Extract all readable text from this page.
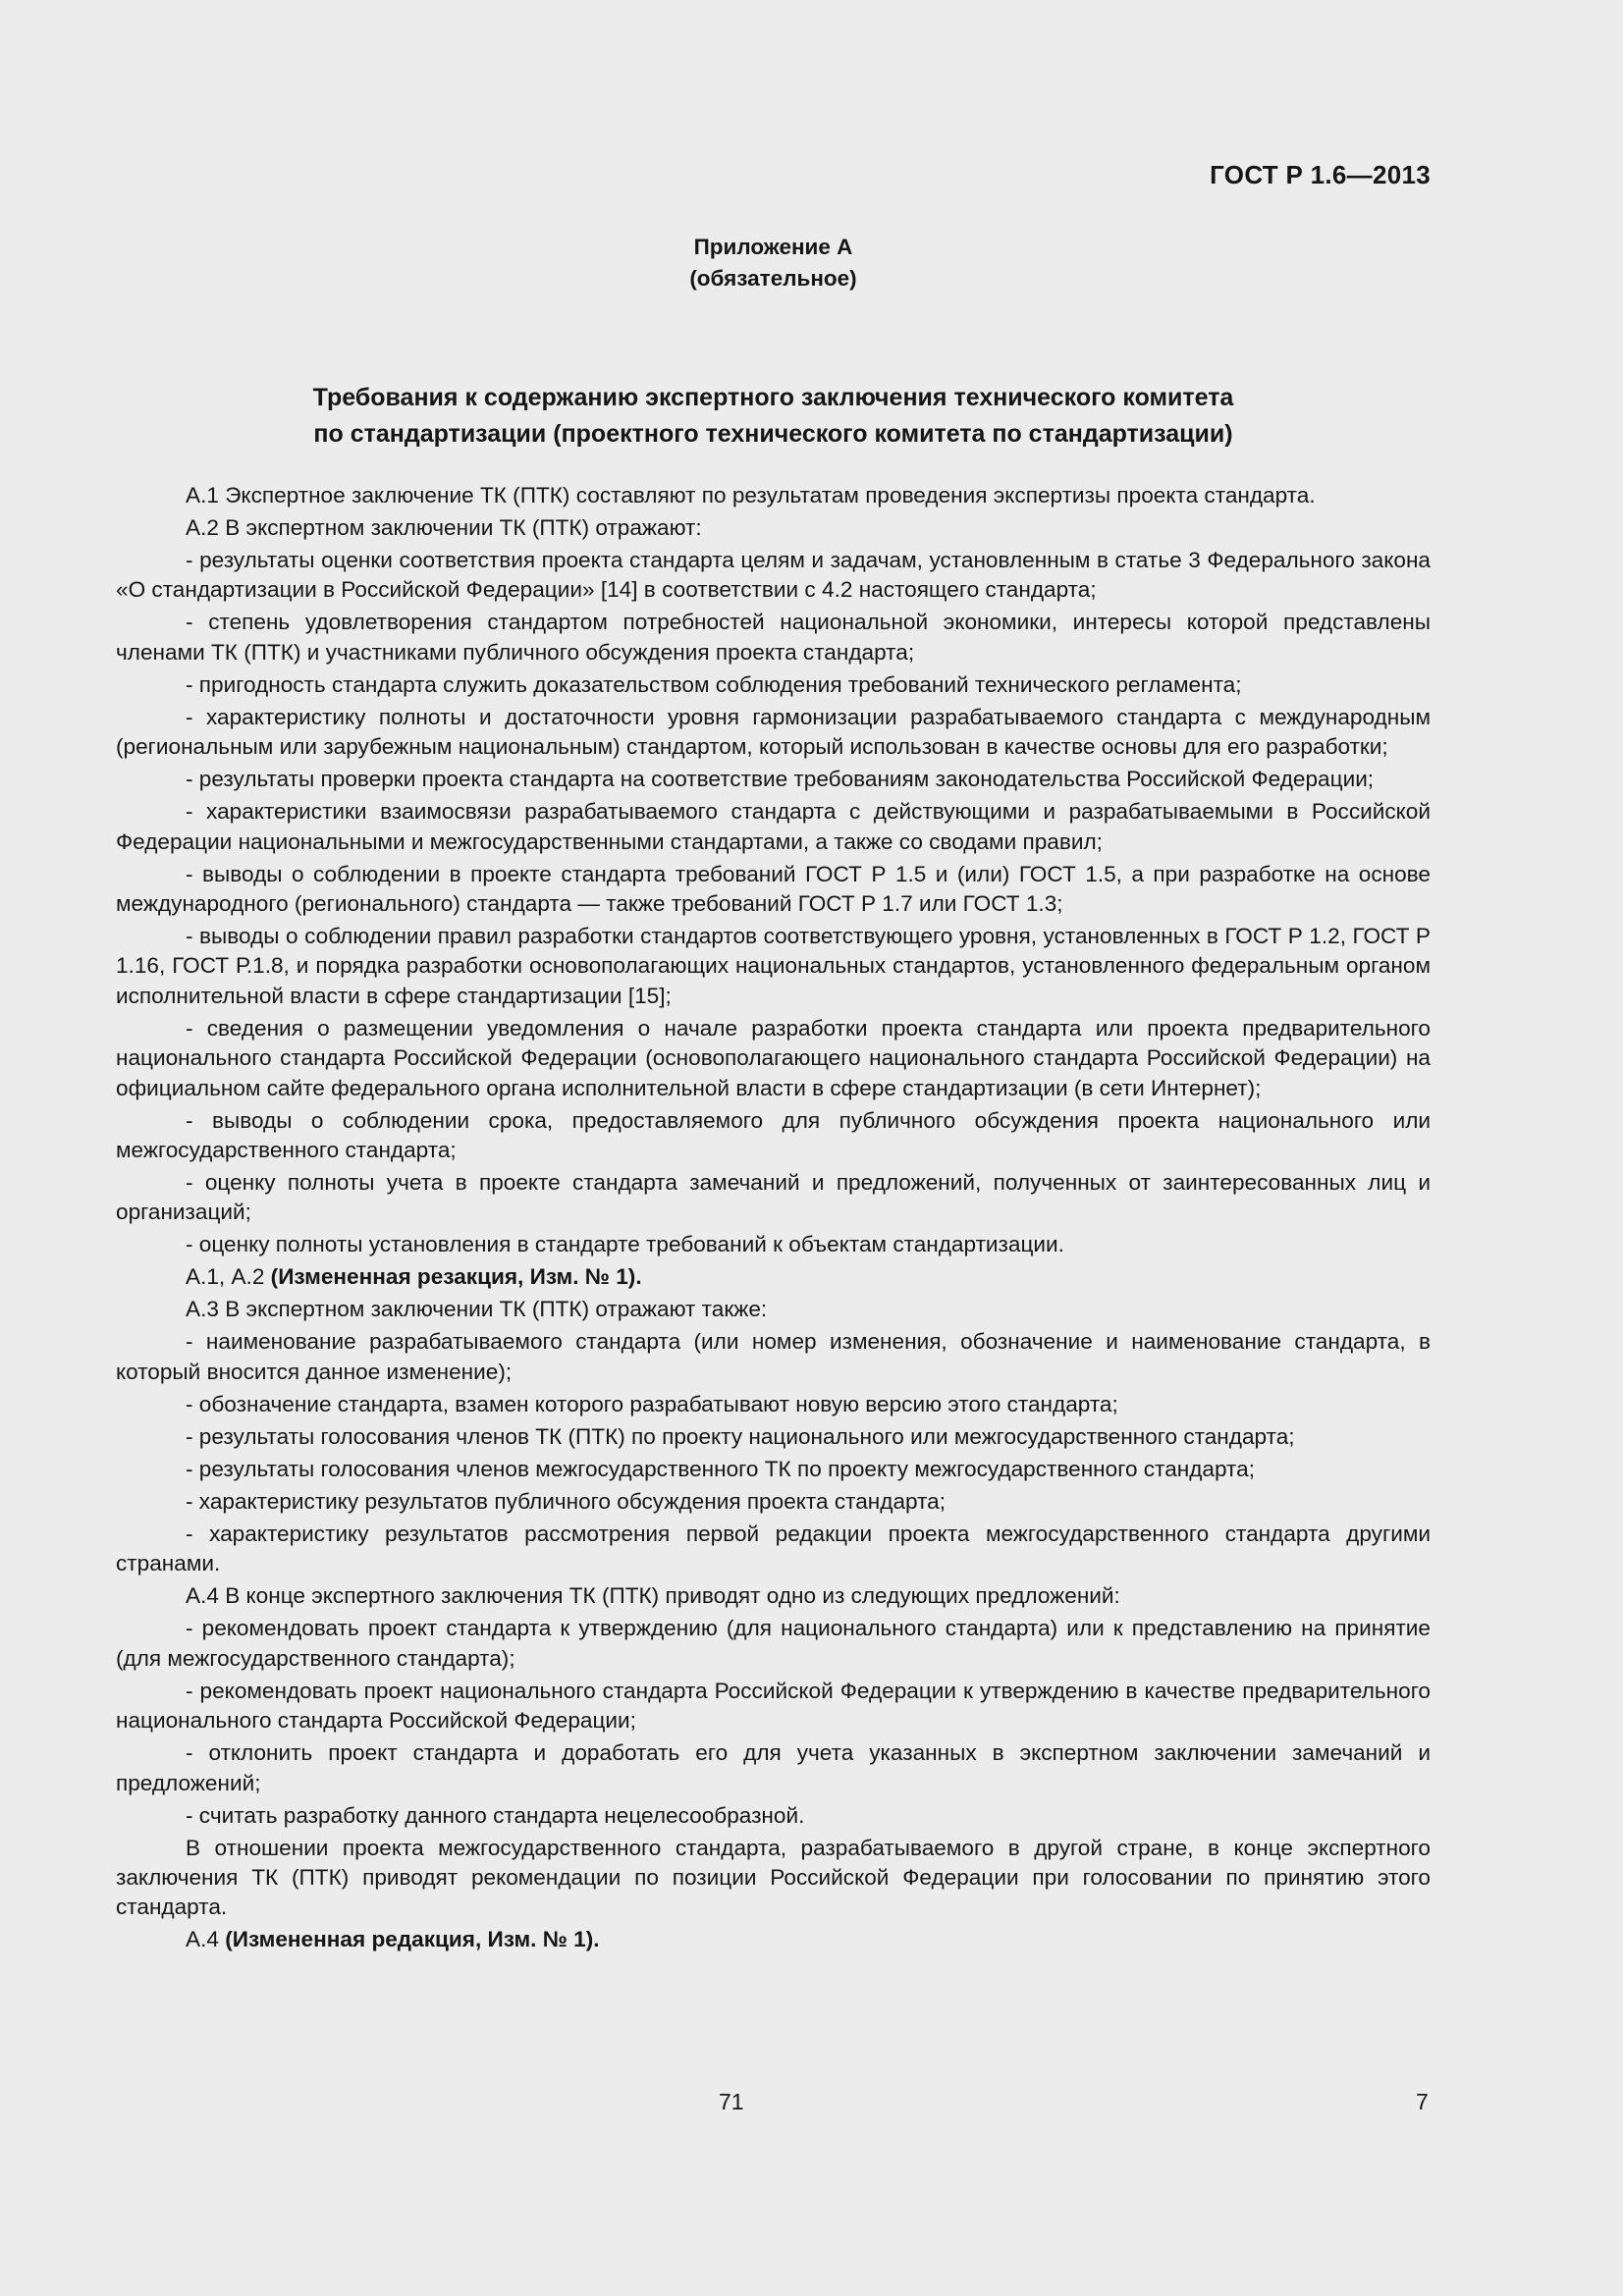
ГОСТ Р 1.6—2013
Приложение А
(обязательное)
Требования к содержанию экспертного заключения технического комитета
по стандартизации (проектного технического комитета по стандартизации)

А.1 Экспертное заключение ТК (ПТК) составляют по результатам проведения экспертизы проекта стандарта.

А.2 В экспертном заключении ТК (ПТК) отражают:

- результаты оценки соответствия проекта стандарта целям и задачам, установленным в статье 3 Федерального закона «О стандартизации в Российской Федерации» [14] в соответствии с 4.2 настоящего стандарта;

- степень удовлетворения стандартом потребностей национальной экономики, интересы которой представлены членами ТК (ПТК) и участниками публичного обсуждения проекта стандарта;

- пригодность стандарта служить доказательством соблюдения требований технического регламента;

- характеристику полноты и достаточности уровня гармонизации разрабатываемого стандарта с международным (региональным или зарубежным национальным) стандартом, который использован в качестве основы для его разработки;

- результаты проверки проекта стандарта на соответствие требованиям законодательства Российской Федерации;

- характеристики взаимосвязи разрабатываемого стандарта с действующими и разрабатываемыми в Российской Федерации национальными и межгосударственными стандартами, а также со сводами правил;

- выводы о соблюдении в проекте стандарта требований ГОСТ Р 1.5 и (или) ГОСТ 1.5, а при разработке на основе международного (регионального) стандарта — также требований ГОСТ Р 1.7 или ГОСТ 1.3;

- выводы о соблюдении правил разработки стандартов соответствующего уровня, установленных в ГОСТ Р 1.2, ГОСТ Р 1.16, ГОСТ Р.1.8, и порядка разработки основополагающих национальных стандартов, установленного федеральным органом исполнительной власти в сфере стандартизации [15];

- сведения о размещении уведомления о начале разработки проекта стандарта или проекта предварительного национального стандарта Российской Федерации (основополагающего национального стандарта Российской Федерации) на официальном сайте федерального органа исполнительной власти в сфере стандартизации (в сети Интернет);

- выводы о соблюдении срока, предоставляемого для публичного обсуждения проекта национального или межгосударственного стандарта;

- оценку полноты учета в проекте стандарта замечаний и предложений, полученных от заинтересованных лиц и организаций;

- оценку полноты установления в стандарте требований к объектам стандартизации.

А.1, А.2 (Измененная резакция, Изм. № 1).

А.3 В экспертном заключении ТК (ПТК) отражают также:

- наименование разрабатываемого стандарта (или номер изменения, обозначение и наименование стандарта, в который вносится данное изменение);

- обозначение стандарта, взамен которого разрабатывают новую версию этого стандарта;

- результаты голосования членов ТК (ПТК) по проекту национального или межгосударственного стандарта;

- результаты голосования членов межгосударственного ТК по проекту межгосударственного стандарта;

- характеристику результатов публичного обсуждения проекта стандарта;

- характеристику результатов рассмотрения первой редакции проекта межгосударственного стандарта другими странами.

А.4 В конце экспертного заключения ТК (ПТК) приводят одно из следующих предложений:

- рекомендовать проект стандарта к утверждению (для национального стандарта) или к представлению на принятие (для межгосударственного стандарта);

- рекомендовать проект национального стандарта Российской Федерации к утверждению в качестве предварительного национального стандарта Российской Федерации;

- отклонить проект стандарта и доработать его для учета указанных в экспертном заключении замечаний и предложений;

- считать разработку данного стандарта нецелесообразной.

В отношении проекта межгосударственного стандарта, разрабатываемого в другой стране, в конце экспертного заключения ТК (ПТК) приводят рекомендации по позиции Российской Федерации при голосовании по принятию этого стандарта.

А.4 (Измененная редакция, Изм. № 1).

71	7
